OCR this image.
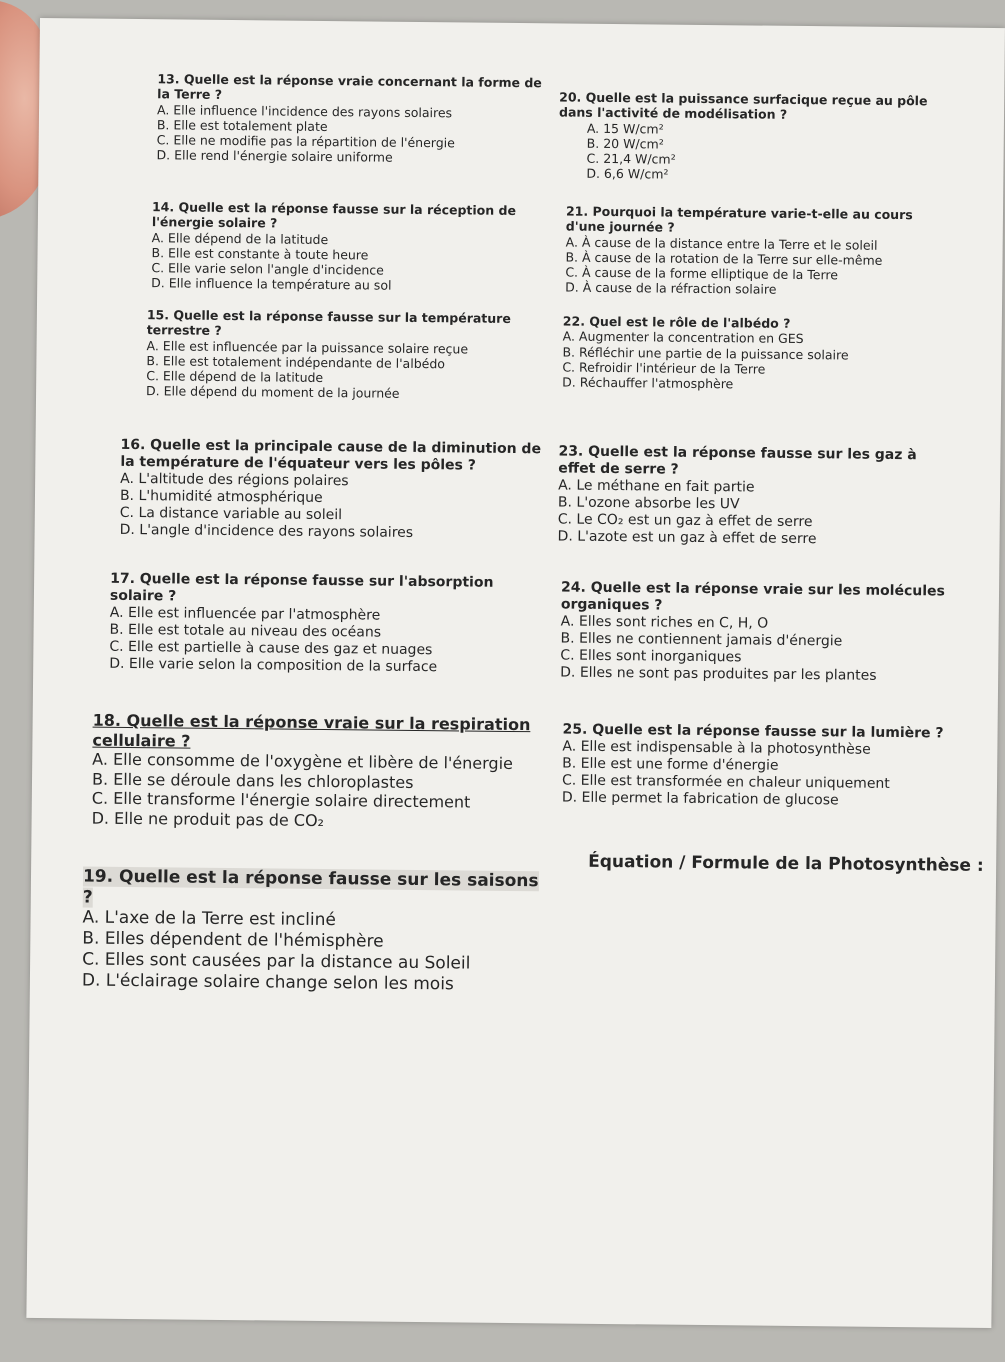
13. Quelle est la réponse vraie concernant la forme de la Terre ?
A. Elle influence l'incidence des rayons solaires
B. Elle est totalement plate
C. Elle ne modifie pas la répartition de l'énergie
D. Elle rend l'énergie solaire uniforme
14. Quelle est la réponse fausse sur la réception de l'énergie solaire ?
A. Elle dépend de la latitude
B. Elle est constante à toute heure
C. Elle varie selon l'angle d'incidence
D. Elle influence la température au sol
15. Quelle est la réponse fausse sur la température terrestre ?
A. Elle est influencée par la puissance solaire reçue
B. Elle est totalement indépendante de l'albédo
C. Elle dépend de la latitude
D. Elle dépend du moment de la journée
16. Quelle est la principale cause de la diminution de la température de l'équateur vers les pôles ?
A. L'altitude des régions polaires
B. L'humidité atmosphérique
C. La distance variable au soleil
D. L'angle d'incidence des rayons solaires
17. Quelle est la réponse fausse sur l'absorption solaire ?
A. Elle est influencée par l'atmosphère
B. Elle est totale au niveau des océans
C. Elle est partielle à cause des gaz et nuages
D. Elle varie selon la composition de la surface
18. Quelle est la réponse vraie sur la respiration cellulaire ?
A. Elle consomme de l'oxygène et libère de l'énergie
B. Elle se déroule dans les chloroplastes
C. Elle transforme l'énergie solaire directement
D. Elle ne produit pas de CO₂
19. Quelle est la réponse fausse sur les saisons ?
A. L'axe de la Terre est incliné
B. Elles dépendent de l'hémisphère
C. Elles sont causées par la distance au Soleil
D. L'éclairage solaire change selon les mois
20. Quelle est la puissance surfacique reçue au pôle dans l'activité de modélisation ?
A. 15 W/cm²
B. 20 W/cm²
C. 21,4 W/cm²
D. 6,6 W/cm²
21. Pourquoi la température varie-t-elle au cours d'une journée ?
A. À cause de la distance entre la Terre et le soleil
B. À cause de la rotation de la Terre sur elle-même
C. À cause de la forme elliptique de la Terre
D. À cause de la réfraction solaire
22. Quel est le rôle de l'albédo ?
A. Augmenter la concentration en GES
B. Réfléchir une partie de la puissance solaire
C. Refroidir l'intérieur de la Terre
D. Réchauffer l'atmosphère
23. Quelle est la réponse fausse sur les gaz à effet de serre ?
A. Le méthane en fait partie
B. L'ozone absorbe les UV
C. Le CO₂ est un gaz à effet de serre
D. L'azote est un gaz à effet de serre
24. Quelle est la réponse vraie sur les molécules organiques ?
A. Elles sont riches en C, H, O
B. Elles ne contiennent jamais d'énergie
C. Elles sont inorganiques
D. Elles ne sont pas produites par les plantes
25. Quelle est la réponse fausse sur la lumière ?
A. Elle est indispensable à la photosynthèse
B. Elle est une forme d'énergie
C. Elle est transformée en chaleur uniquement
D. Elle permet la fabrication de glucose
Équation / Formule de la Photosynthèse :
